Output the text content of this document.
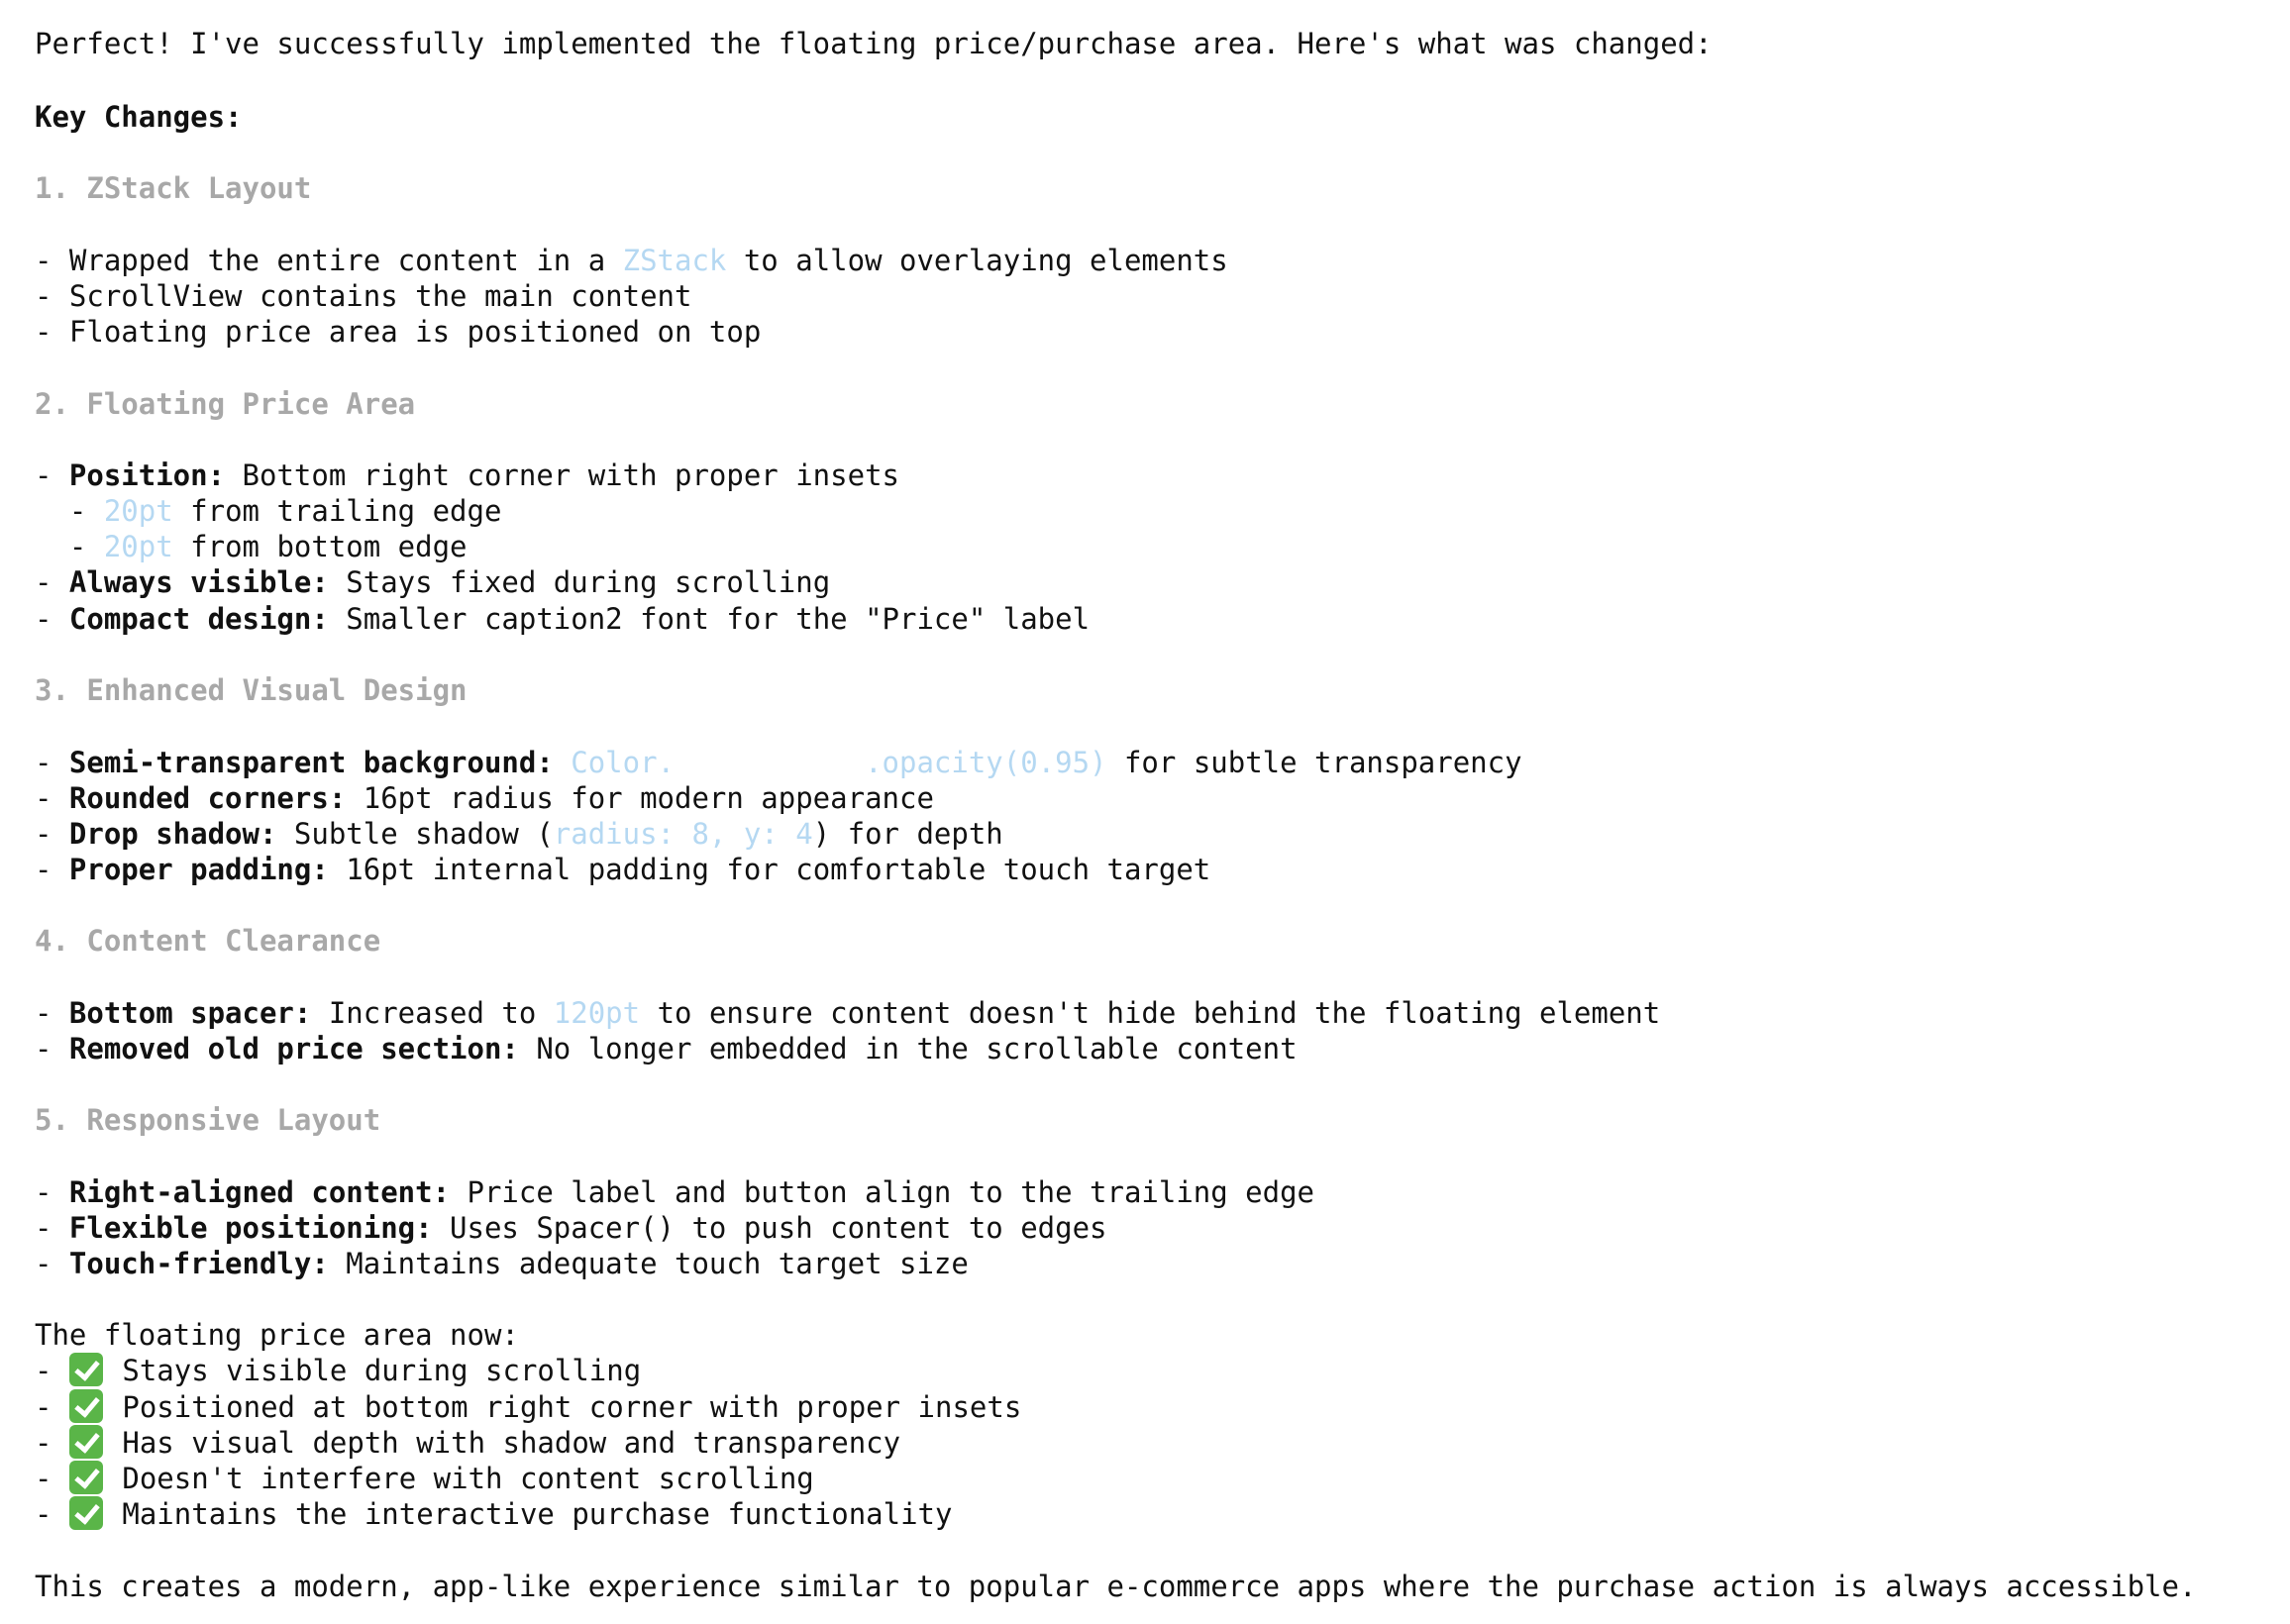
Perfect! I've successfully implemented the floating price/purchase area. Here's what was changed:
Key Changes:
1. ZStack Layout
- Wrapped the entire content in a ZStack to allow overlaying elements
- ScrollView contains the main content
- Floating price area is positioned on top
2. Floating Price Area
- Position: Bottom right corner with proper insets
- 20pt from trailing edge
- 20pt from bottom edge
- Always visible: Stays fixed during scrolling
- Compact design: Smaller caption2 font for the "Price" label
3. Enhanced Visual Design
- Semi-transparent background: Color.           .opacity(0.95) for subtle transparency
- Rounded corners: 16pt radius for modern appearance
- Drop shadow: Subtle shadow (radius: 8, y: 4) for depth
- Proper padding: 16pt internal padding for comfortable touch target
4. Content Clearance
- Bottom spacer: Increased to 120pt to ensure content doesn't hide behind the floating element
- Removed old price section: No longer embedded in the scrollable content
5. Responsive Layout
- Right-aligned content: Price label and button align to the trailing edge
- Flexible positioning: Uses Spacer() to push content to edges
- Touch-friendly: Maintains adequate touch target size
The floating price area now:
-  Stays visible during scrolling
-  Positioned at bottom right corner with proper insets
-  Has visual depth with shadow and transparency
-  Doesn't interfere with content scrolling
-  Maintains the interactive purchase functionality
This creates a modern, app-like experience similar to popular e-commerce apps where the purchase action is always accessible.
